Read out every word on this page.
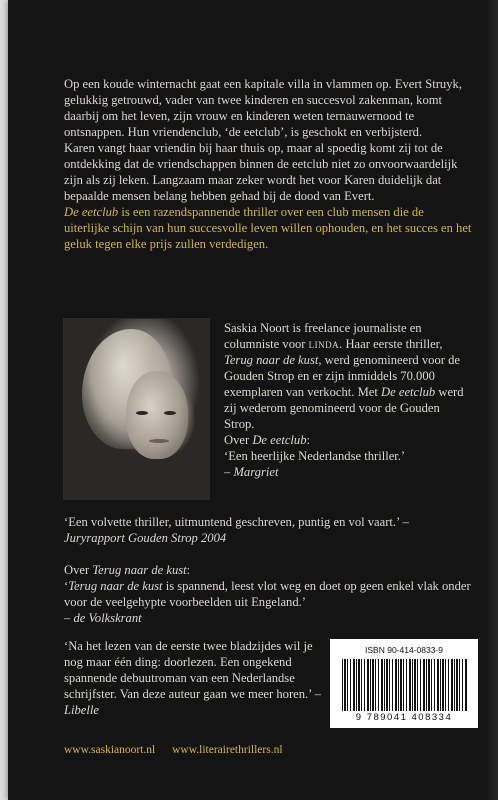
Op een koude winternacht gaat een kapitale villa in vlammen op. Evert Struyk, gelukkig getrouwd, vader van twee kinderen en succesvol zakenman, komt daarbij om het leven, zijn vrouw en kinderen weten ternauwernood te ontsnappen. Hun vriendenclub, ‘de eetclub’, is geschokt en verbijsterd.

Karen vangt haar vriendin bij haar thuis op, maar al spoedig komt zij tot de ontdekking dat de vriendschappen binnen de eetclub niet zo onvoorwaardelijk zijn als zij leken. Langzaam maar zeker wordt het voor Karen duidelijk dat bepaalde mensen belang hebben gehad bij de dood van Evert.

De eetclub is een razendspannende thriller over een club mensen die de uiterlijke schijn van hun succesvolle leven willen ophouden, en het succes en het geluk tegen elke prijs zullen verdedigen.

Saskia Noort is freelance journaliste en columniste voor linda. Haar eerste thriller, Terug naar de kust, werd genomineerd voor de Gouden Strop en er zijn inmiddels 70.000 exemplaren van verkocht. Met De eetclub werd zij wederom genomineerd voor de Gouden Strop.

Over De eetclub:

‘Een heerlijke Nederlandse thriller.’

– Margriet

‘Een volvette thriller, uitmuntend geschreven, puntig en vol vaart.’ – Juryrapport Gouden Strop 2004

Over Terug naar de kust:

‘Terug naar de kust is spannend, leest vlot weg en doet op geen enkel vlak onder voor de veelgehypte voorbeelden uit Engeland.’

– de Volkskrant

‘Na het lezen van de eerste twee bladzijdes wil je nog maar één ding: doorlezen. Een ongekend spannende debuutroman van een Nederlandse schrijfster. Van deze auteur gaan we meer horen.’ – Libelle

ISBN 90-414-0833-9
9 789041 408334
www.saskianoort.nl www.literairethrillers.nl
